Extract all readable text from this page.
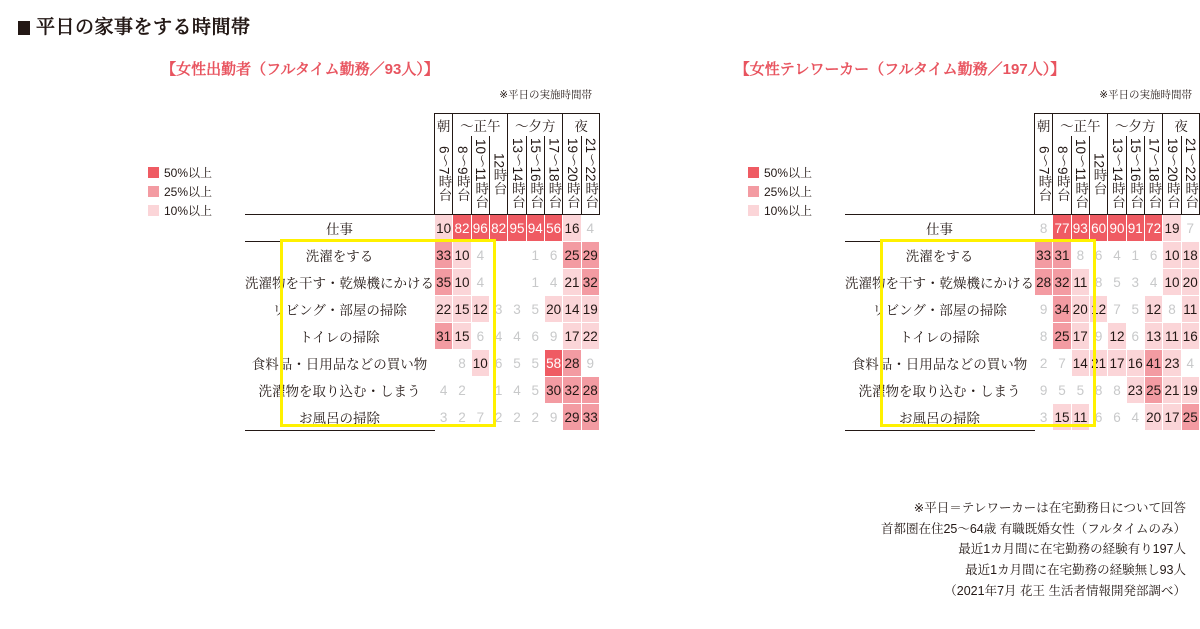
平日の家事をする時間帯
【女性出勤者（フルタイム勤務／93人）】
※平日の実施時間帯
50%以上
25%以上
10%以上
	朝	〜正午			〜夕方			夜	
	6〜7時台	8〜9時台	10〜11時台	12時台	13〜14時台	15〜16時台	17〜18時台	19〜20時台	21〜22時台
仕事	10	82	96	82	95	94	56	16	4
洗濯をする	33	10	4			1	6	25	29
洗濯物を干す・乾燥機にかける	35	10	4			1	4	21	32
リビング・部屋の掃除	22	15	12	3	3	5	20	14	19
トイレの掃除	31	15	6	4	4	6	9	17	22
食料品・日用品などの買い物		8	10	6	5	5	58	28	9
洗濯物を取り込む・しまう	4	2		1	4	5	30	32	28
お風呂の掃除	3	2	7	2	2	2	9	29	33
【女性テレワーカー（フルタイム勤務／197人）】
※平日の実施時間帯
50%以上
25%以上
10%以上
	朝	〜正午			〜夕方			夜	
	6〜7時台	8〜9時台	10〜11時台	12時台	13〜14時台	15〜16時台	17〜18時台	19〜20時台	21〜22時台
仕事	8	77	93	60	90	91	72	19	7
洗濯をする	33	31	8	6	4	1	6	10	18
洗濯物を干す・乾燥機にかける	28	32	11	8	5	3	4	10	20
リビング・部屋の掃除	9	34	20	12	7	5	12	8	11
トイレの掃除	8	25	17	9	12	6	13	11	16
食料品・日用品などの買い物	2	7	14	21	17	16	41	23	4
洗濯物を取り込む・しまう	9	5	5	8	8	23	25	21	19
お風呂の掃除	3	15	11	6	6	4	20	17	25
※平日＝テレワーカーは在宅勤務日について回答
首都圏在住25〜64歳 有職既婚女性（フルタイムのみ）
最近1カ月間に在宅勤務の経験有り197人
最近1カ月間に在宅勤務の経験無し93人
（2021年7月 花王 生活者情報開発部調べ）
